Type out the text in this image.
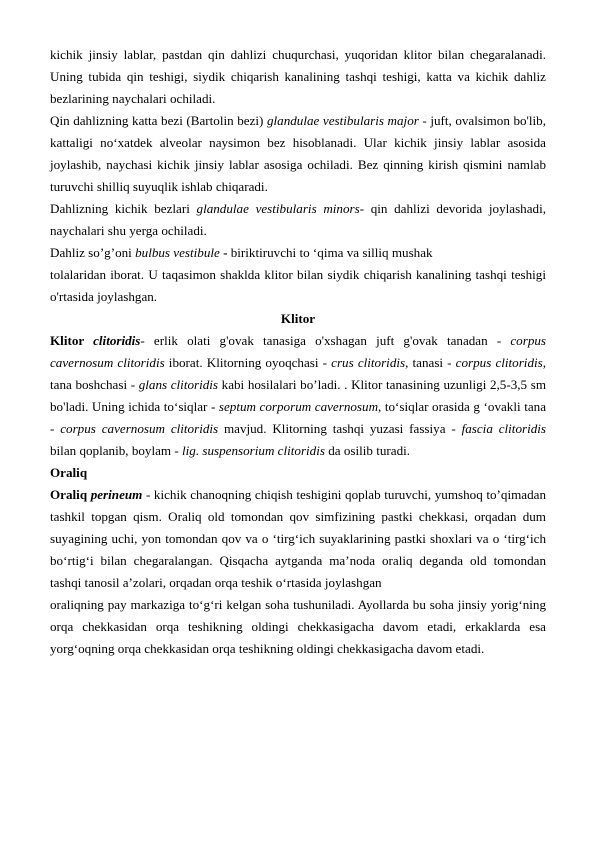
kichik jinsiy lablar, pastdan qin dahlizi chuqurchasi, yuqoridan klitor bilan chegaralanadi. Uning tubida qin teshigi, siydik chiqarish kanalining tashqi teshigi, katta va kichik dahliz bezlarining naychalari ochiladi.

Qin dahlizning katta bezi (Bartolin bezi) glandulae vestibularis major - juft, ovalsimon bo'lib, kattaligi no‘xatdek alveolar naysimon bez hisoblanadi. Ular kichik jinsiy lablar asosida joylashib, naychasi kichik jinsiy lablar asosiga ochiladi. Bez qinning kirish qismini namlab turuvchi shilliq suyuqlik ishlab chiqaradi.

Dahlizning kichik bezlari glandulae vestibularis minors- qin dahlizi devorida joylashadi, naychalari shu yerga ochiladi.

Dahliz so’g’oni bulbus vestibule - biriktiruvchi to ‘qima va silliq mushak

tolalaridan iborat. U taqasimon shaklda klitor bilan siydik chiqarish kanalining tashqi teshigi o'rtasida joylashgan.

Klitor

Klitor clitoridis- erlik olati g'ovak tanasiga o'xshagan juft g'ovak tanadan - corpus cavernosum clitoridis iborat. Klitorning oyoqchasi - crus clitoridis, tanasi - corpus clitoridis, tana boshchasi - glans clitoridis kabi hosilalari bo’ladi. . Klitor tanasining uzunligi 2,5-3,5 sm bo'ladi. Uning ichida to‘siqlar - septum corporum cavernosum, to‘siqlar orasida g ‘ovakli tana - corpus cavernosum clitoridis mavjud. Klitorning tashqi yuzasi fassiya - fascia clitoridis bilan qoplanib, boylam - lig. suspensorium clitoridis da osilib turadi.

Oraliq

Oraliq perineum - kichik chanoqning chiqish teshigini qoplab turuvchi, yumshoq to’qimadan tashkil topgan qism. Oraliq old tomondan qov simfizining pastki chekkasi, orqadan dum suyagining uchi, yon tomondan qov va o ‘tirg‘ich suyaklarining pastki shoxlari va o ‘tirg‘ich bo‘rtig‘i bilan chegaralangan. Qisqacha aytganda ma’noda oraliq deganda old tomondan tashqi tanosil a’zolari, orqadan orqa teshik o‘rtasida joylashgan

oraliqning pay markaziga to‘g‘ri kelgan soha tushuniladi. Ayollarda bu soha jinsiy yorig‘ning orqa chekkasidan orqa teshikning oldingi chekkasigacha davom etadi, erkaklarda esa yorg‘oqning orqa chekkasidan orqa teshikning oldingi chekkasigacha davom etadi.
